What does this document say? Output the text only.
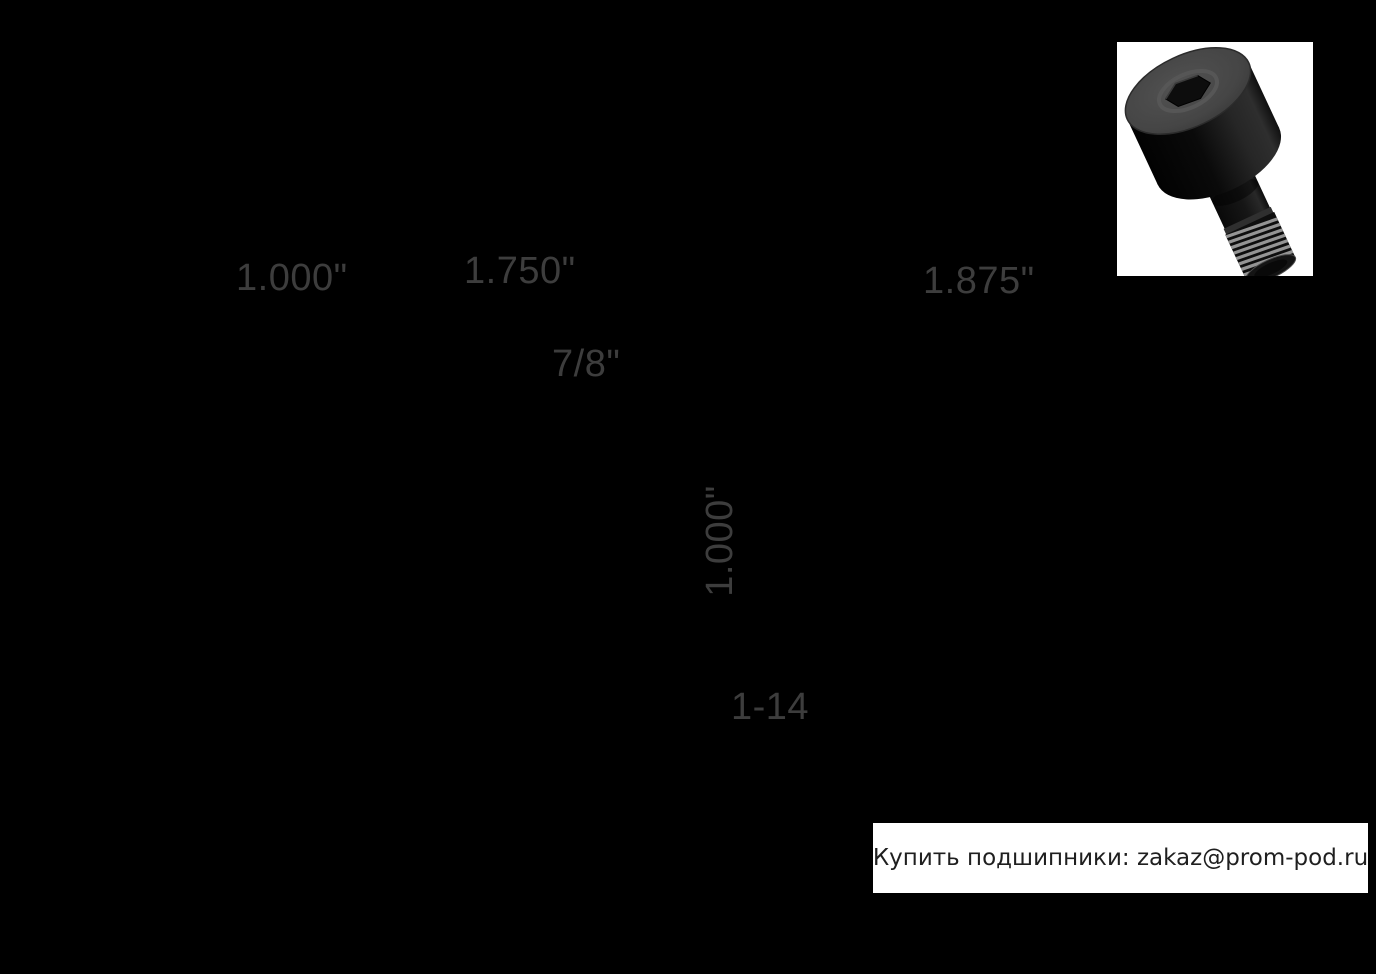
1.000"	1.750"	1.875"
7/8"
1.000"
1-14
Купить подшипники: zakaz@prom-pod.ru
